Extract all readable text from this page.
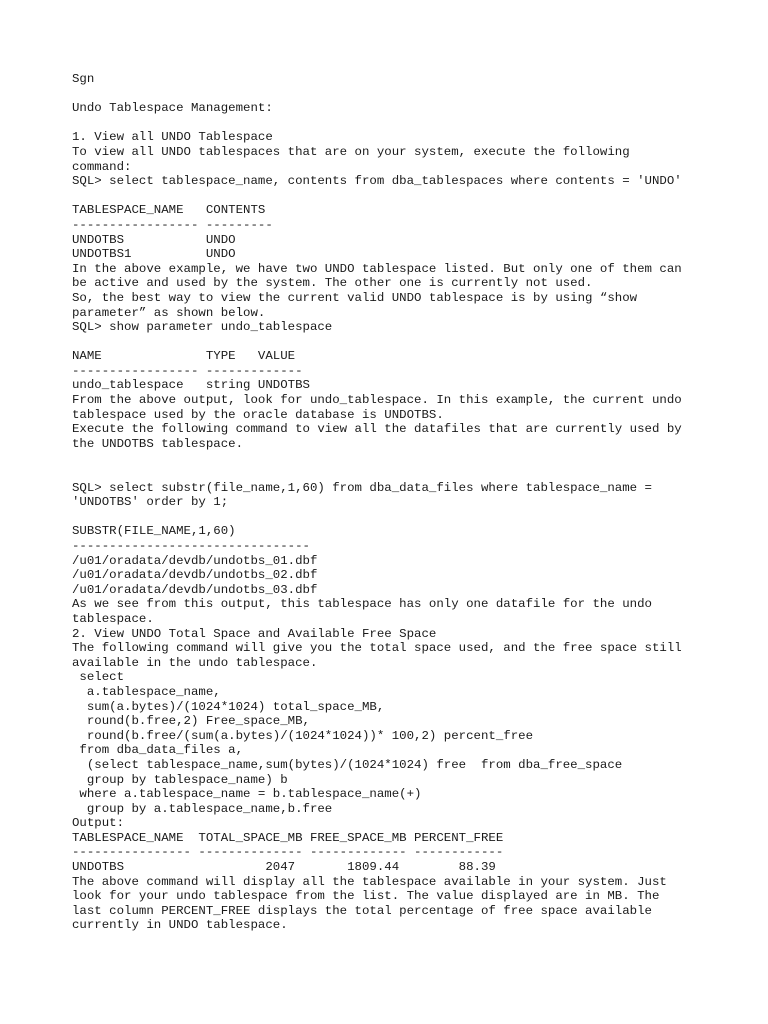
Sgn

Undo Tablespace Management:

1. View all UNDO Tablespace
To view all UNDO tablespaces that are on your system, execute the following
command:
SQL> select tablespace_name, contents from dba_tablespaces where contents = 'UNDO'

TABLESPACE_NAME   CONTENTS
----------------- ---------
UNDOTBS           UNDO
UNDOTBS1          UNDO
In the above example, we have two UNDO tablespace listed. But only one of them can
be active and used by the system. The other one is currently not used.
So, the best way to view the current valid UNDO tablespace is by using “show
parameter” as shown below.
SQL> show parameter undo_tablespace

NAME              TYPE   VALUE
----------------- -------------
undo_tablespace   string UNDOTBS
From the above output, look for undo_tablespace. In this example, the current undo
tablespace used by the oracle database is UNDOTBS.
Execute the following command to view all the datafiles that are currently used by
the UNDOTBS tablespace.

SQL> select substr(file_name,1,60) from dba_data_files where tablespace_name =
'UNDOTBS' order by 1;

SUBSTR(FILE_NAME,1,60)
--------------------------------
/u01/oradata/devdb/undotbs_01.dbf
/u01/oradata/devdb/undotbs_02.dbf
/u01/oradata/devdb/undotbs_03.dbf
As we see from this output, this tablespace has only one datafile for the undo
tablespace.
2. View UNDO Total Space and Available Free Space
The following command will give you the total space used, and the free space still
available in the undo tablespace.
select
a.tablespace_name,
sum(a.bytes)/(1024*1024) total_space_MB,
round(b.free,2) Free_space_MB,
round(b.free/(sum(a.bytes)/(1024*1024))* 100,2) percent_free
from dba_data_files a,
(select tablespace_name,sum(bytes)/(1024*1024) free  from dba_free_space
group by tablespace_name) b
where a.tablespace_name = b.tablespace_name(+)
group by a.tablespace_name,b.free
Output:
TABLESPACE_NAME  TOTAL_SPACE_MB FREE_SPACE_MB PERCENT_FREE
---------------- -------------- ------------- ------------
UNDOTBS                   2047       1809.44        88.39
The above command will display all the tablespace available in your system. Just
look for your undo tablespace from the list. The value displayed are in MB. The
last column PERCENT_FREE displays the total percentage of free space available
currently in UNDO tablespace.
